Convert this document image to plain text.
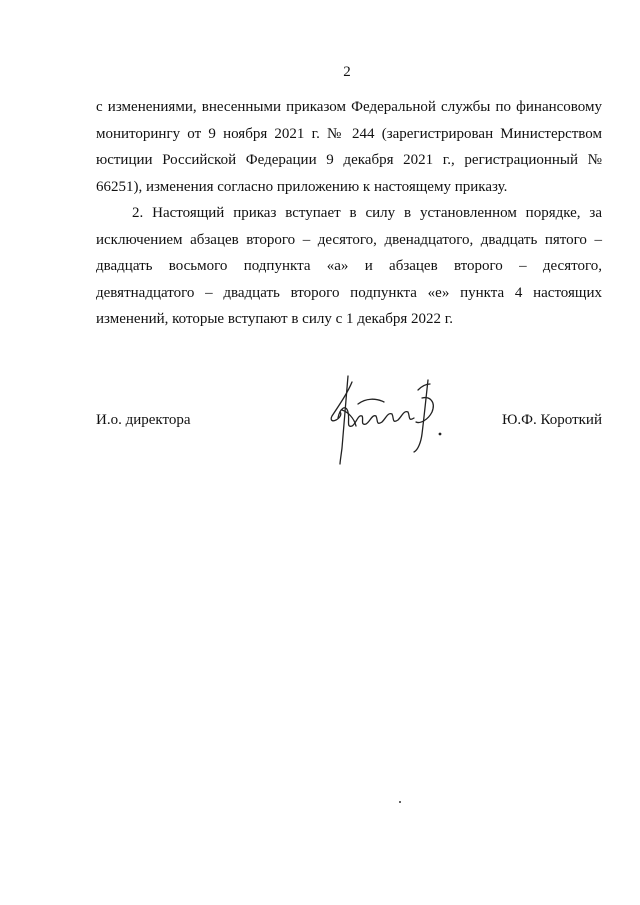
2

с изменениями, внесенными приказом Федеральной службы по финансовому мониторингу от 9 ноября 2021 г. № 244 (зарегистрирован Министерством юстиции Российской Федерации 9 декабря 2021 г., регистрационный № 66251), изменения согласно приложению к настоящему приказу.

2. Настоящий приказ вступает в силу в установленном порядке, за исключением абзацев второго – десятого, двенадцатого, двадцать пятого – двадцать восьмого подпункта «а» и абзацев второго – десятого, девятнадцатого – двадцать второго подпункта «е» пункта 4 настоящих изменений, которые вступают в силу с 1 декабря 2022 г.

И.о. директора	Ю.Ф. Короткий
